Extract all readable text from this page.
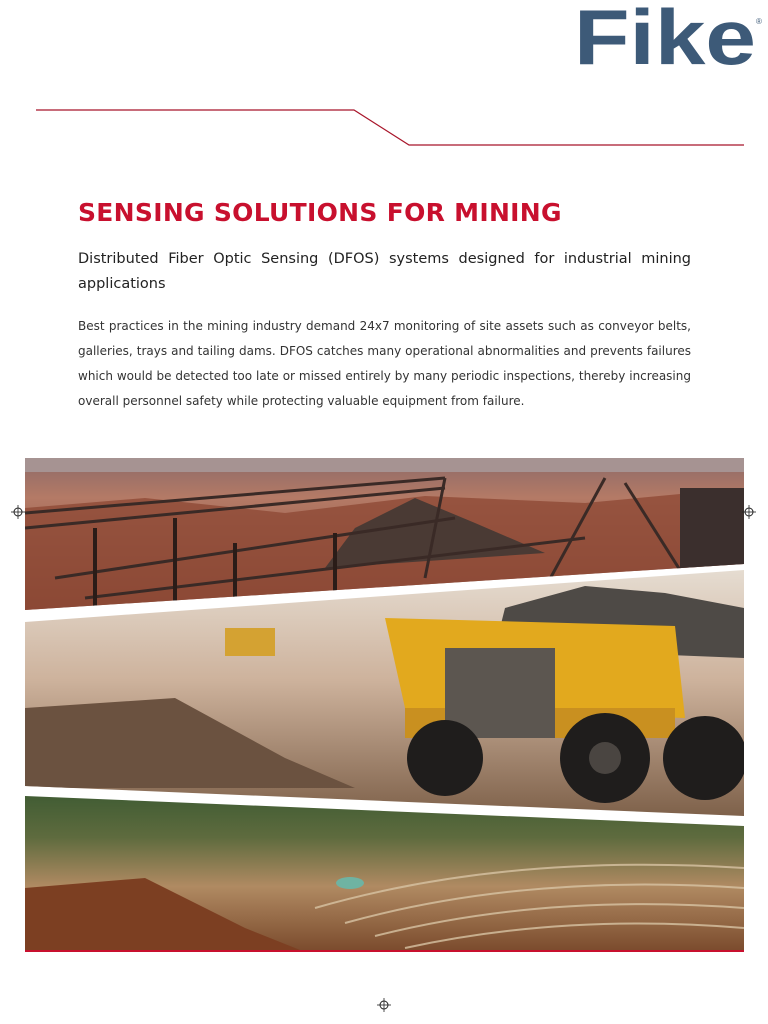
Fike ®
SENSING SOLUTIONS FOR MINING

Distributed Fiber Optic Sensing (DFOS) systems designed for industrial mining applications

Best practices in the mining industry demand 24x7 monitoring of site assets such as conveyor belts, galleries, trays and tailing dams. DFOS catches many operational abnormalities and prevents failures which would be detected too late or missed entirely by many periodic inspections, thereby increasing overall personnel safety while protecting valuable equipment from failure.
